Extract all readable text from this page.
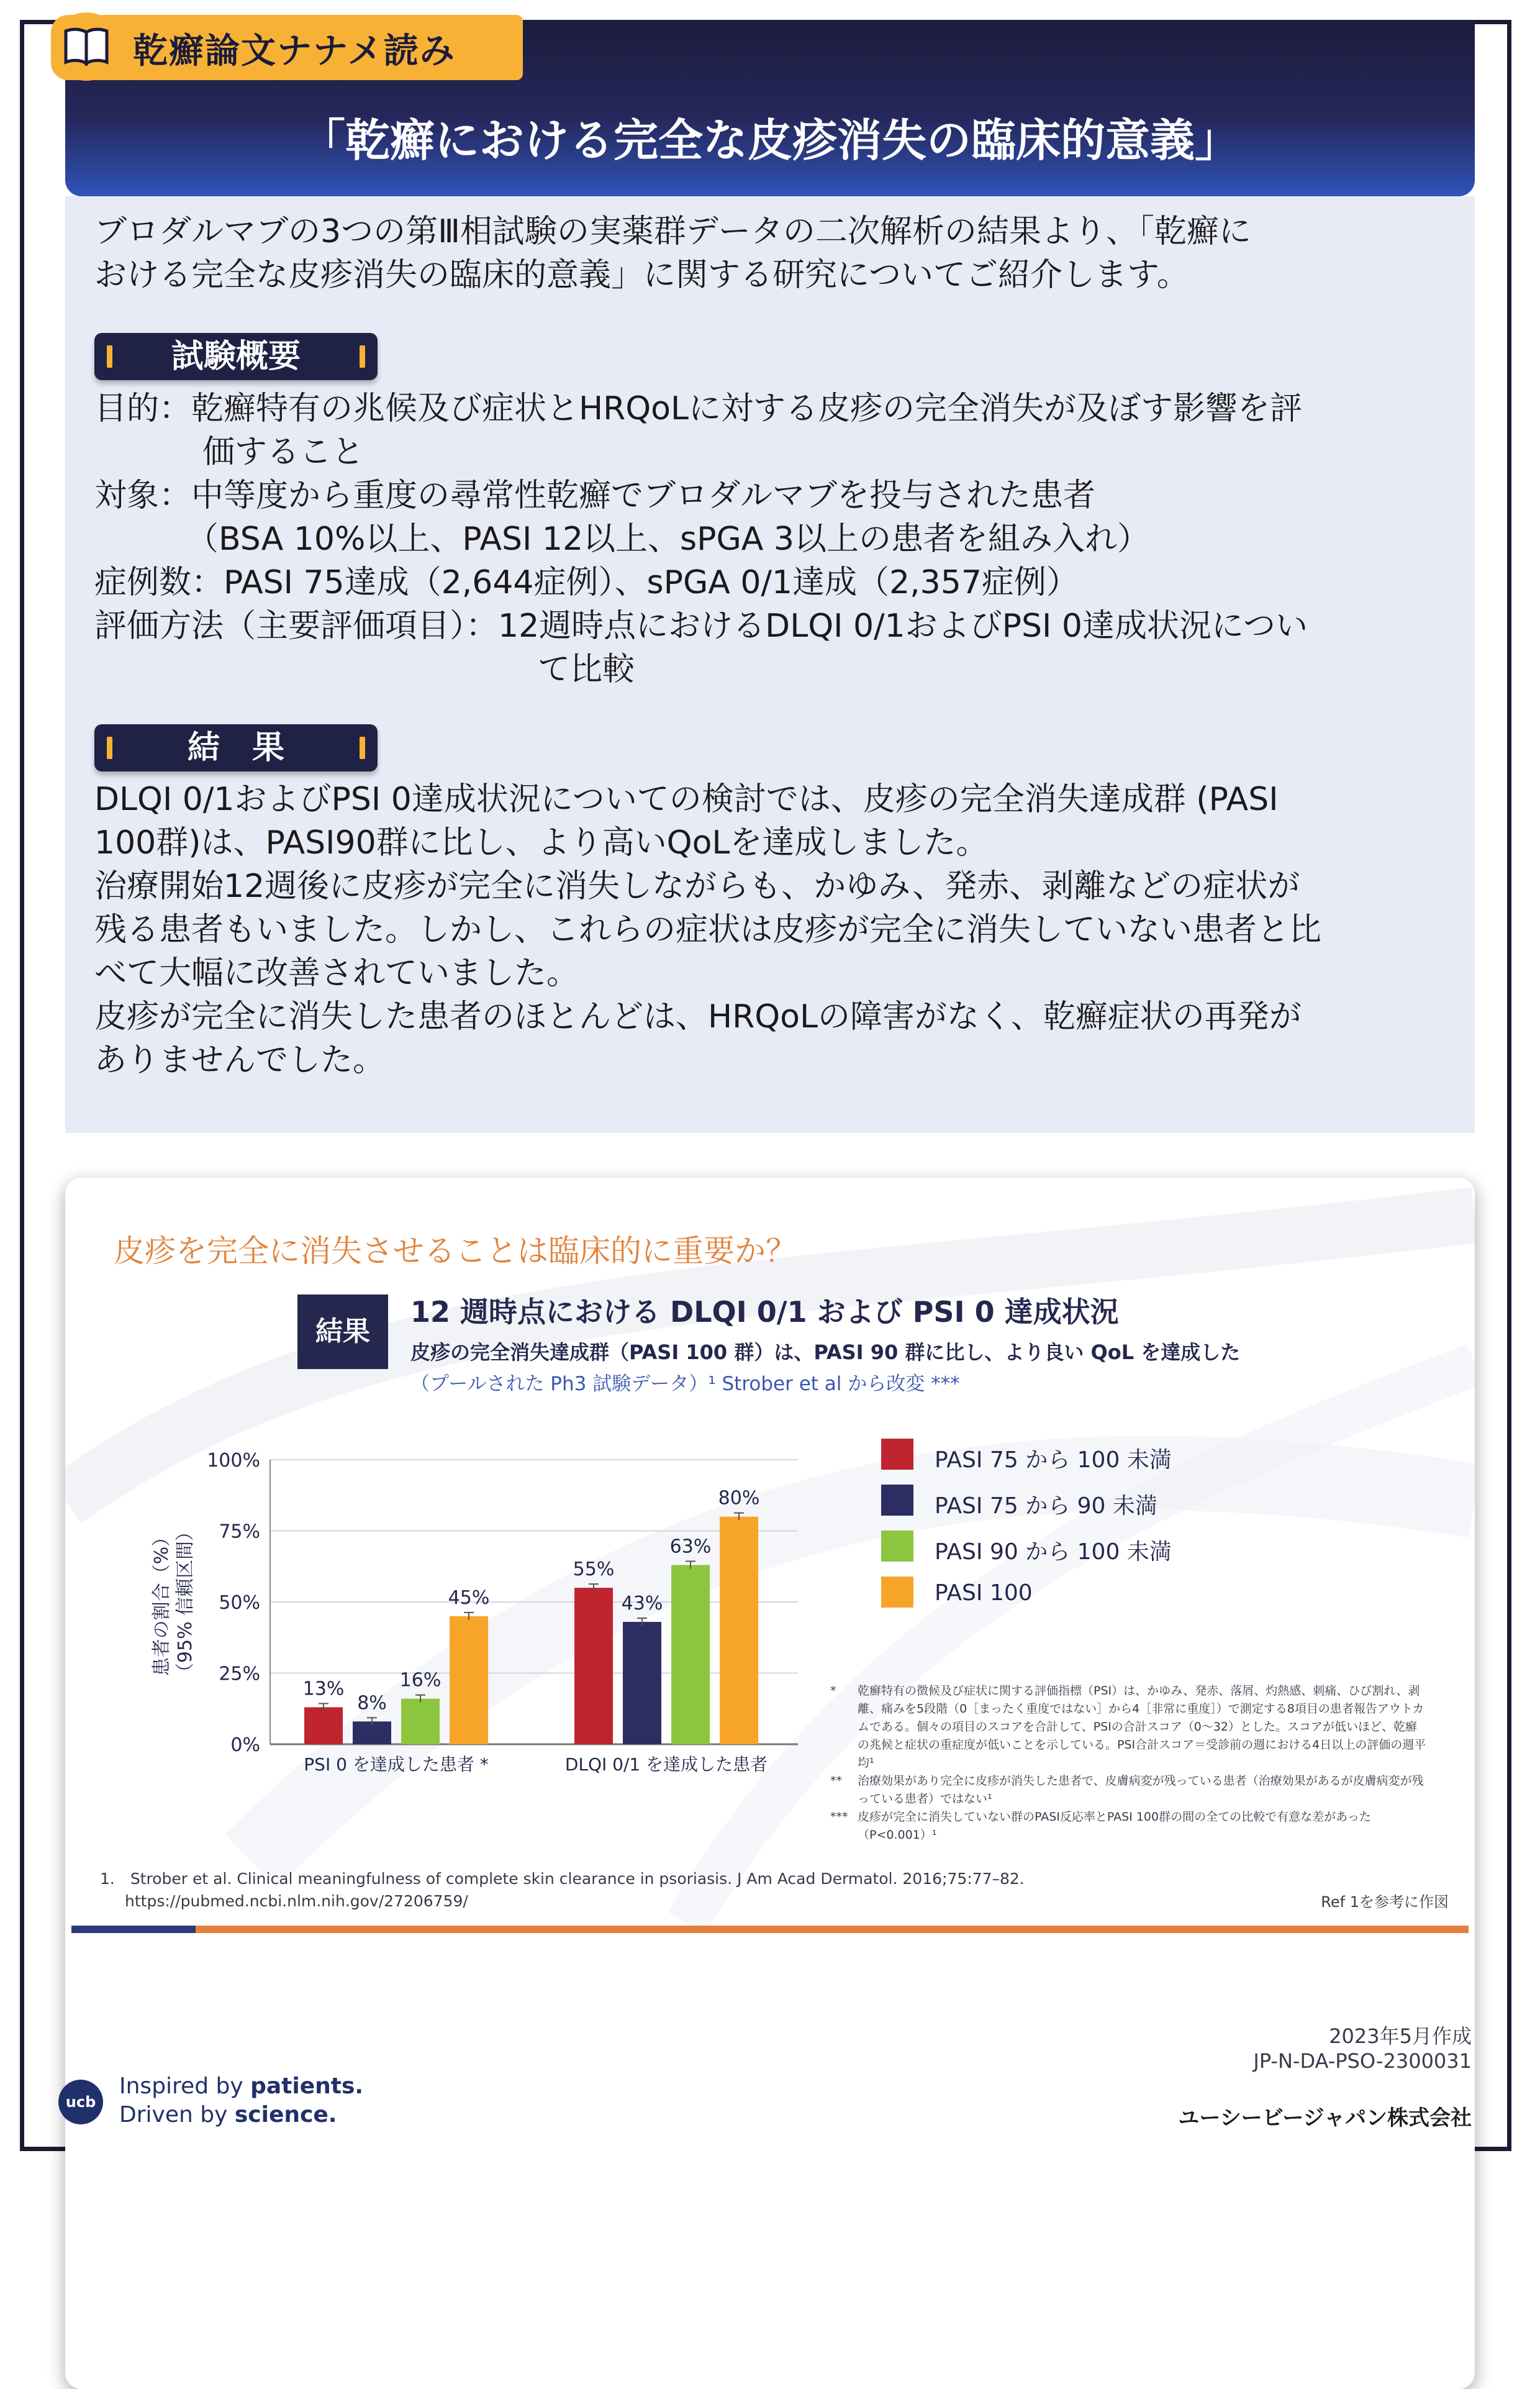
乾癬論文ナナメ読み
「乾癬における完全な皮疹消失の臨床的意義」
ブロダルマブの3つの第Ⅲ相試験の実薬群データの二次解析の結果より、「乾癬に
おける完全な皮疹消失の臨床的意義」に関する研究についてご紹介します。
試験概要
目的：乾癬特有の兆候及び症状とHRQoLに対する皮疹の完全消失が及ぼす影響を評
価すること
対象：中等度から重度の尋常性乾癬でブロダルマブを投与された患者
（BSA 10%以上、PASI 12以上、sPGA 3以上の患者を組み入れ）
症例数：PASI 75達成（2,644症例）、sPGA 0/1達成（2,357症例）
評価方法（主要評価項目）：12週時点におけるDLQI 0/1およびPSI 0達成状況につい
て比較
結　果
DLQI 0/1およびPSI 0達成状況についての検討では、皮疹の完全消失達成群 (PASI
100群)は、PASI90群に比し、より高いQoLを達成しました。
治療開始12週後に皮疹が完全に消失しながらも、かゆみ、発赤、剥離などの症状が
残る患者もいました。しかし、これらの症状は皮疹が完全に消失していない患者と比
べて大幅に改善されていました。
皮疹が完全に消失した患者のほとんどは、HRQoLの障害がなく、乾癬症状の再発が
ありませんでした。
皮疹を完全に消失させることは臨床的に重要か？
結果
12 週時点における DLQI 0/1 および PSI 0 達成状況
皮疹の完全消失達成群（PASI 100 群）は、PASI 90 群に比し、より良い QoL を達成した
（プールされた Ph3 試験データ）¹ Strober et al から改変 ***
0%
25%
50%
75%
100%
患者の割合（%） （95% 信頼区間）
13%
8%
16%
45%
PSI 0 を達成した患者 *
55%
43%
63%
80%
DLQI 0/1 を達成した患者
PASI 75 から 100 未満
PASI 75 から 90 未満
PASI 90 から 100 未満
PASI 100
* 乾癬特有の徴候及び症状に関する評価指標（PSI）は、かゆみ、発赤、落屑、灼熱感、刺痛、ひび割れ、剥離、痛みを5段階（0［まったく重度ではない］から4［非常に重度］）で測定する8項目の患者報告アウトカムである。個々の項目のスコアを合計して、PSIの合計スコア（0〜32）とした。スコアが低いほど、乾癬の兆候と症状の重症度が低いことを示している。PSI合計スコア＝受診前の週における4日以上の評価の週平均¹
** 治療効果があり完全に皮疹が消失した患者で、皮膚病変が残っている患者（治療効果があるが皮膚病変が残っている患者）ではない¹
*** 皮疹が完全に消失していない群のPASI反応率とPASI 100群の間の全ての比較で有意な差があった（P<0.001）¹
1.　Strober et al. Clinical meaningfulness of complete skin clearance in psoriasis. J Am Acad Dermatol. 2016;75:77–82.
https://pubmed.ncbi.nlm.nih.gov/27206759/	Ref 1を参考に作図
2023年5月作成
JP-N-DA-PSO-2300031
ucb
Inspired by patients.
Driven by science.	ユーシービージャパン株式会社
